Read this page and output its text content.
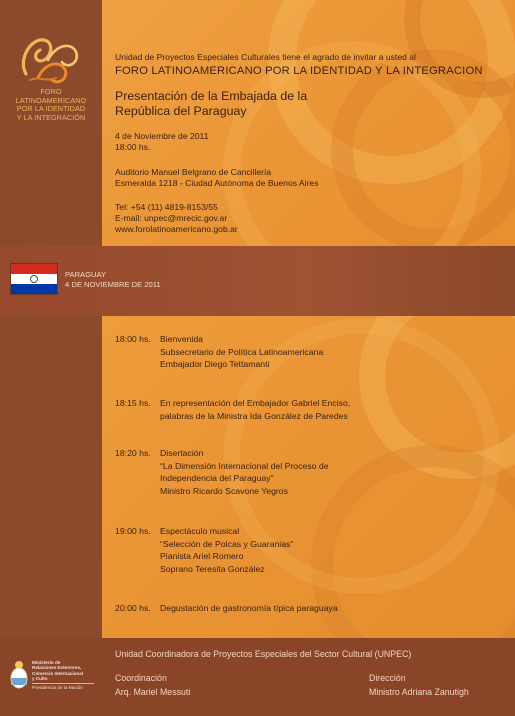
FORO LATINOAMERICANO
POR LA IDENTIDAD
Y LA INTEGRACIÓN
Unidad de Proyectos Especiales Culturales tiene el agrado de invitar a usted al
FORO LATINOAMERICANO POR LA IDENTIDAD Y LA INTEGRACION
Presentación de la Embajada de la
República del Paraguay
4 de Noviembre de 2011
18:00 hs.
Auditorio Manuel Belgrano de Cancillería
Esmeralda 1218 - Ciudad Autónoma de Buenos Aires
Tel: +54 (11) 4819-8153/55
E-mail: unpec@mrecic.gov.ar
www.forolatinoamericano.gob.ar
PARAGUAY
4 DE NOVIEMBRE DE 2011
18:00 hs. Bienvenida
Subsecretario de Política Latinoamericana
Embajador Diego Tettamanti
18:15 hs. En representación del Embajador Gabriel Enciso,
palabras de la Ministra Ida González de Paredes
18:20 hs. Disertación
“La Dimensión Internacional del Proceso de
Independencia del Paraguay”
Ministro Ricardo Scavone Yegros
19:00 hs. Espectáculo musical
“Selección de Polcas y Guaranias”
Pianista Ariel Romero
Soprano Teresita González
20:00 hs. Degustación de gastronomía típica paraguaya
Ministerio de
Relaciones Exteriores,
Comercio Internacional
y Culto
Presidencia de la Nación
Unidad Coordinadora de Proyectos Especiales del Sector Cultural (UNPEC)
Coordinación
Arq. Mariel Messuti
Dirección
Ministro Adriana Zanutigh
